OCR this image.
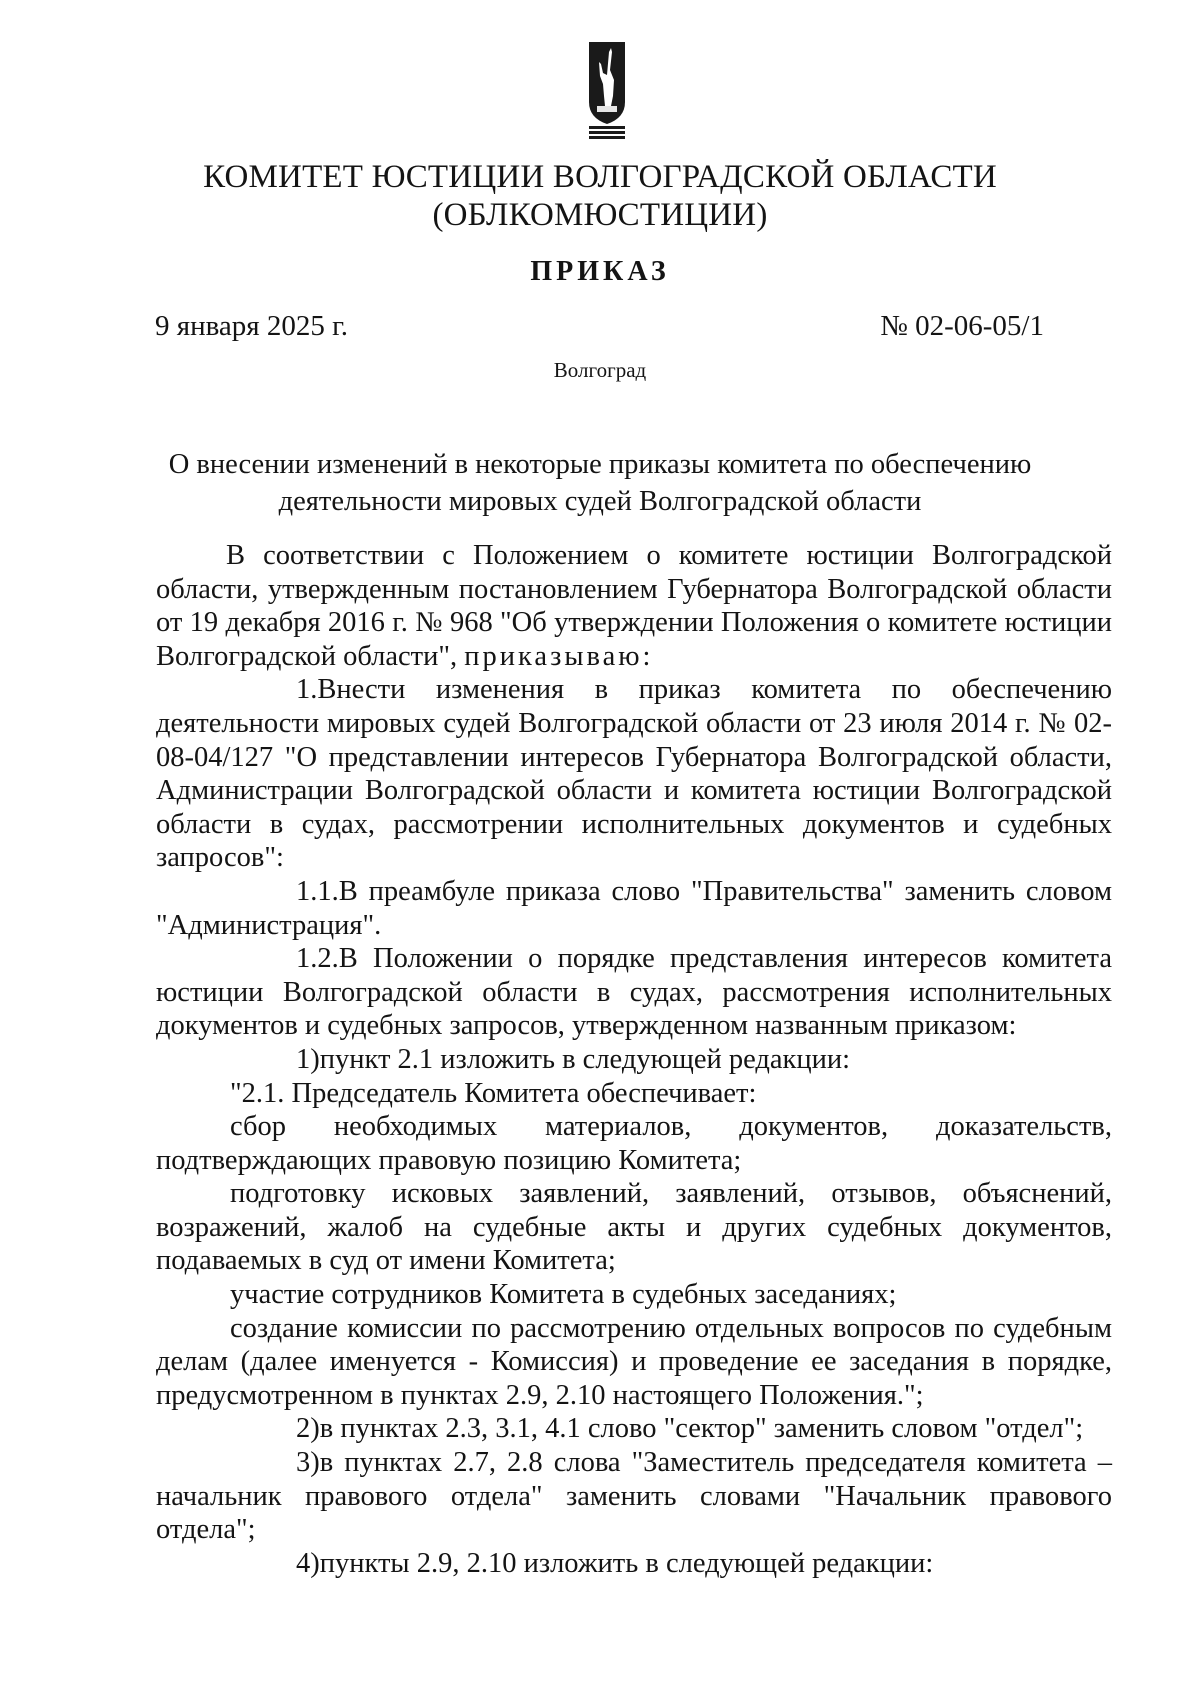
КОМИТЕТ ЮСТИЦИИ ВОЛГОГРАДСКОЙ ОБЛАСТИ
(ОБЛКОМЮСТИЦИИ)
ПРИКАЗ
9 января 2025 г.	№ 02-06-05/1
Волгоград
О внесении изменений в некоторые приказы комитета по обеспечению
деятельности мировых судей Волгоградской области

В соответствии с Положением о комитете юстиции Волгоградской области, утвержденным постановлением Губернатора Волгоградской области от 19 декабря 2016 г. № 968 "Об утверждении Положения о комитете юстиции Волгоградской области", приказываю:

1.Внести изменения в приказ комитета по обеспечению деятельности мировых судей Волгоградской области от 23 июля 2014 г. № 02-08-04/127 "О представлении интересов Губернатора Волгоградской области, Администрации Волгоградской области и комитета юстиции Волгоградской области в судах, рассмотрении исполнительных документов и судебных запросов":

1.1.В преамбуле приказа слово "Правительства" заменить словом "Администрация".

1.2.В Положении о порядке представления интересов комитета юстиции Волгоградской области в судах, рассмотрения исполнительных документов и судебных запросов, утвержденном названным приказом:

1)пункт 2.1 изложить в следующей редакции:

"2.1. Председатель Комитета обеспечивает:

сбор необходимых материалов, документов, доказательств, подтверждающих правовую позицию Комитета;

подготовку исковых заявлений, заявлений, отзывов, объяснений, возражений, жалоб на судебные акты и других судебных документов, подаваемых в суд от имени Комитета;

участие сотрудников Комитета в судебных заседаниях;

создание комиссии по рассмотрению отдельных вопросов по судебным делам (далее именуется - Комиссия) и проведение ее заседания в порядке, предусмотренном в пунктах 2.9, 2.10 настоящего Положения.";

2)в пунктах 2.3, 3.1, 4.1 слово "сектор" заменить словом "отдел";

3)в пунктах 2.7, 2.8 слова "Заместитель председателя комитета – начальник правового отдела" заменить словами "Начальник правового отдела";

4)пункты 2.9, 2.10 изложить в следующей редакции:
